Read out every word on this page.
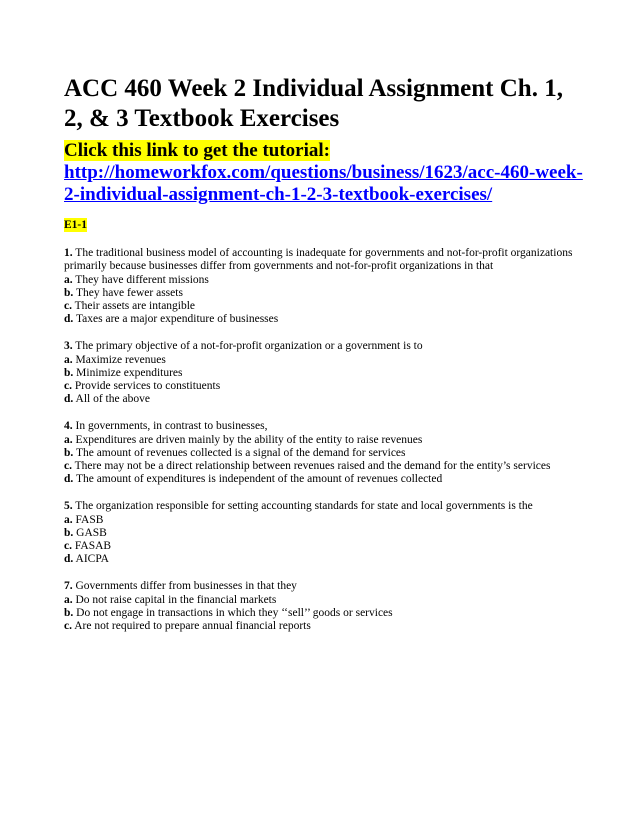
ACC 460 Week 2 Individual Assignment Ch. 1, 2, & 3 Textbook Exercises

Click this link to get the tutorial:
http://homeworkfox.com/questions/business/1623/acc-460-week-2-individual-assignment-ch-1-2-3-textbook-exercises/

E1-1
1. The traditional business model of accounting is inadequate for governments and not-for-profit organizations primarily because businesses differ from governments and not-for-profit organizations in that
a. They have different missions
b. They have fewer assets
c. Their assets are intangible
d. Taxes are a major expenditure of businesses
3. The primary objective of a not-for-profit organization or a government is to
a. Maximize revenues
b. Minimize expenditures
c. Provide services to constituents
d. All of the above
4. In governments, in contrast to businesses,
a. Expenditures are driven mainly by the ability of the entity to raise revenues
b. The amount of revenues collected is a signal of the demand for services
c. There may not be a direct relationship between revenues raised and the demand for the entity’s services
d. The amount of expenditures is independent of the amount of revenues collected
5. The organization responsible for setting accounting standards for state and local governments is the
a. FASB
b. GASB
c. FASAB
d. AICPA
7. Governments differ from businesses in that they
a. Do not raise capital in the financial markets
b. Do not engage in transactions in which they ‘‘sell’’ goods or services
c. Are not required to prepare annual financial reports
